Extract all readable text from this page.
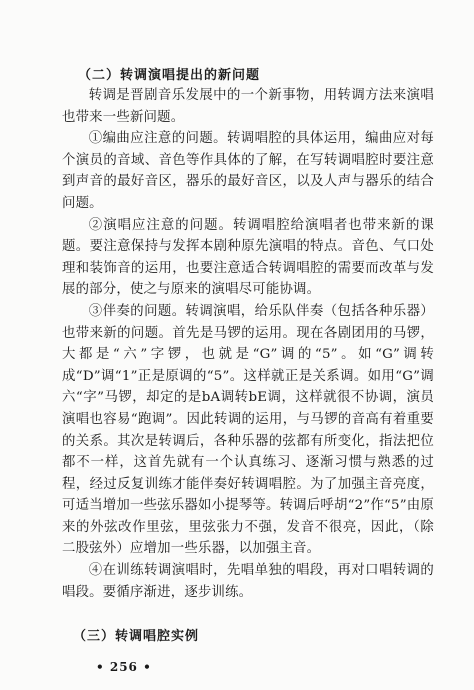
（二）转调演唱提出的新问题

转调是晋剧音乐发展中的一个新事物，用转调方法来演唱也带来一些新问题。

①编曲应注意的问题。转调唱腔的具体运用，编曲应对每个演员的音域、音色等作具体的了解，在写转调唱腔时要注意到声音的最好音区，器乐的最好音区，以及人声与器乐的结合问题。

②演唱应注意的问题。转调唱腔给演唱者也带来新的课题。要注意保持与发挥本剧种原先演唱的特点。音色、气口处理和装饰音的运用，也要注意适合转调唱腔的需要而改革与发展的部分，使之与原来的演唱尽可能协调。

③伴奏的问题。转调演唱，给乐队伴奏（包括各种乐器）也带来新的问题。首先是马锣的运用。现在各剧团用的马锣，大都是“六”字锣，也就是“G”调的“5”。如“G”调转成“D”调“1”正是原调的“5”。这样就正是关系调。如用“G”调六“字”马锣，却定的是bA调转bE调，这样就很不协调，演员演唱也容易“跑调”。因此转调的运用，与马锣的音高有着重要的关系。其次是转调后，各种乐器的弦都有所变化，指法把位都不一样，这首先就有一个认真练习、逐渐习惯与熟悉的过程，经过反复训练才能伴奏好转调唱腔。为了加强主音亮度，可适当增加一些弦乐器如小提琴等。转调后呼胡“2”作“5”由原来的外弦改作里弦，里弦张力不强，发音不很亮，因此，（除二股弦外）应增加一些乐器，以加强主音。

④在训练转调演唱时，先唱单独的唱段，再对口唱转调的唱段。要循序渐进，逐步训练。

（三）转调唱腔实例
• 256 •
